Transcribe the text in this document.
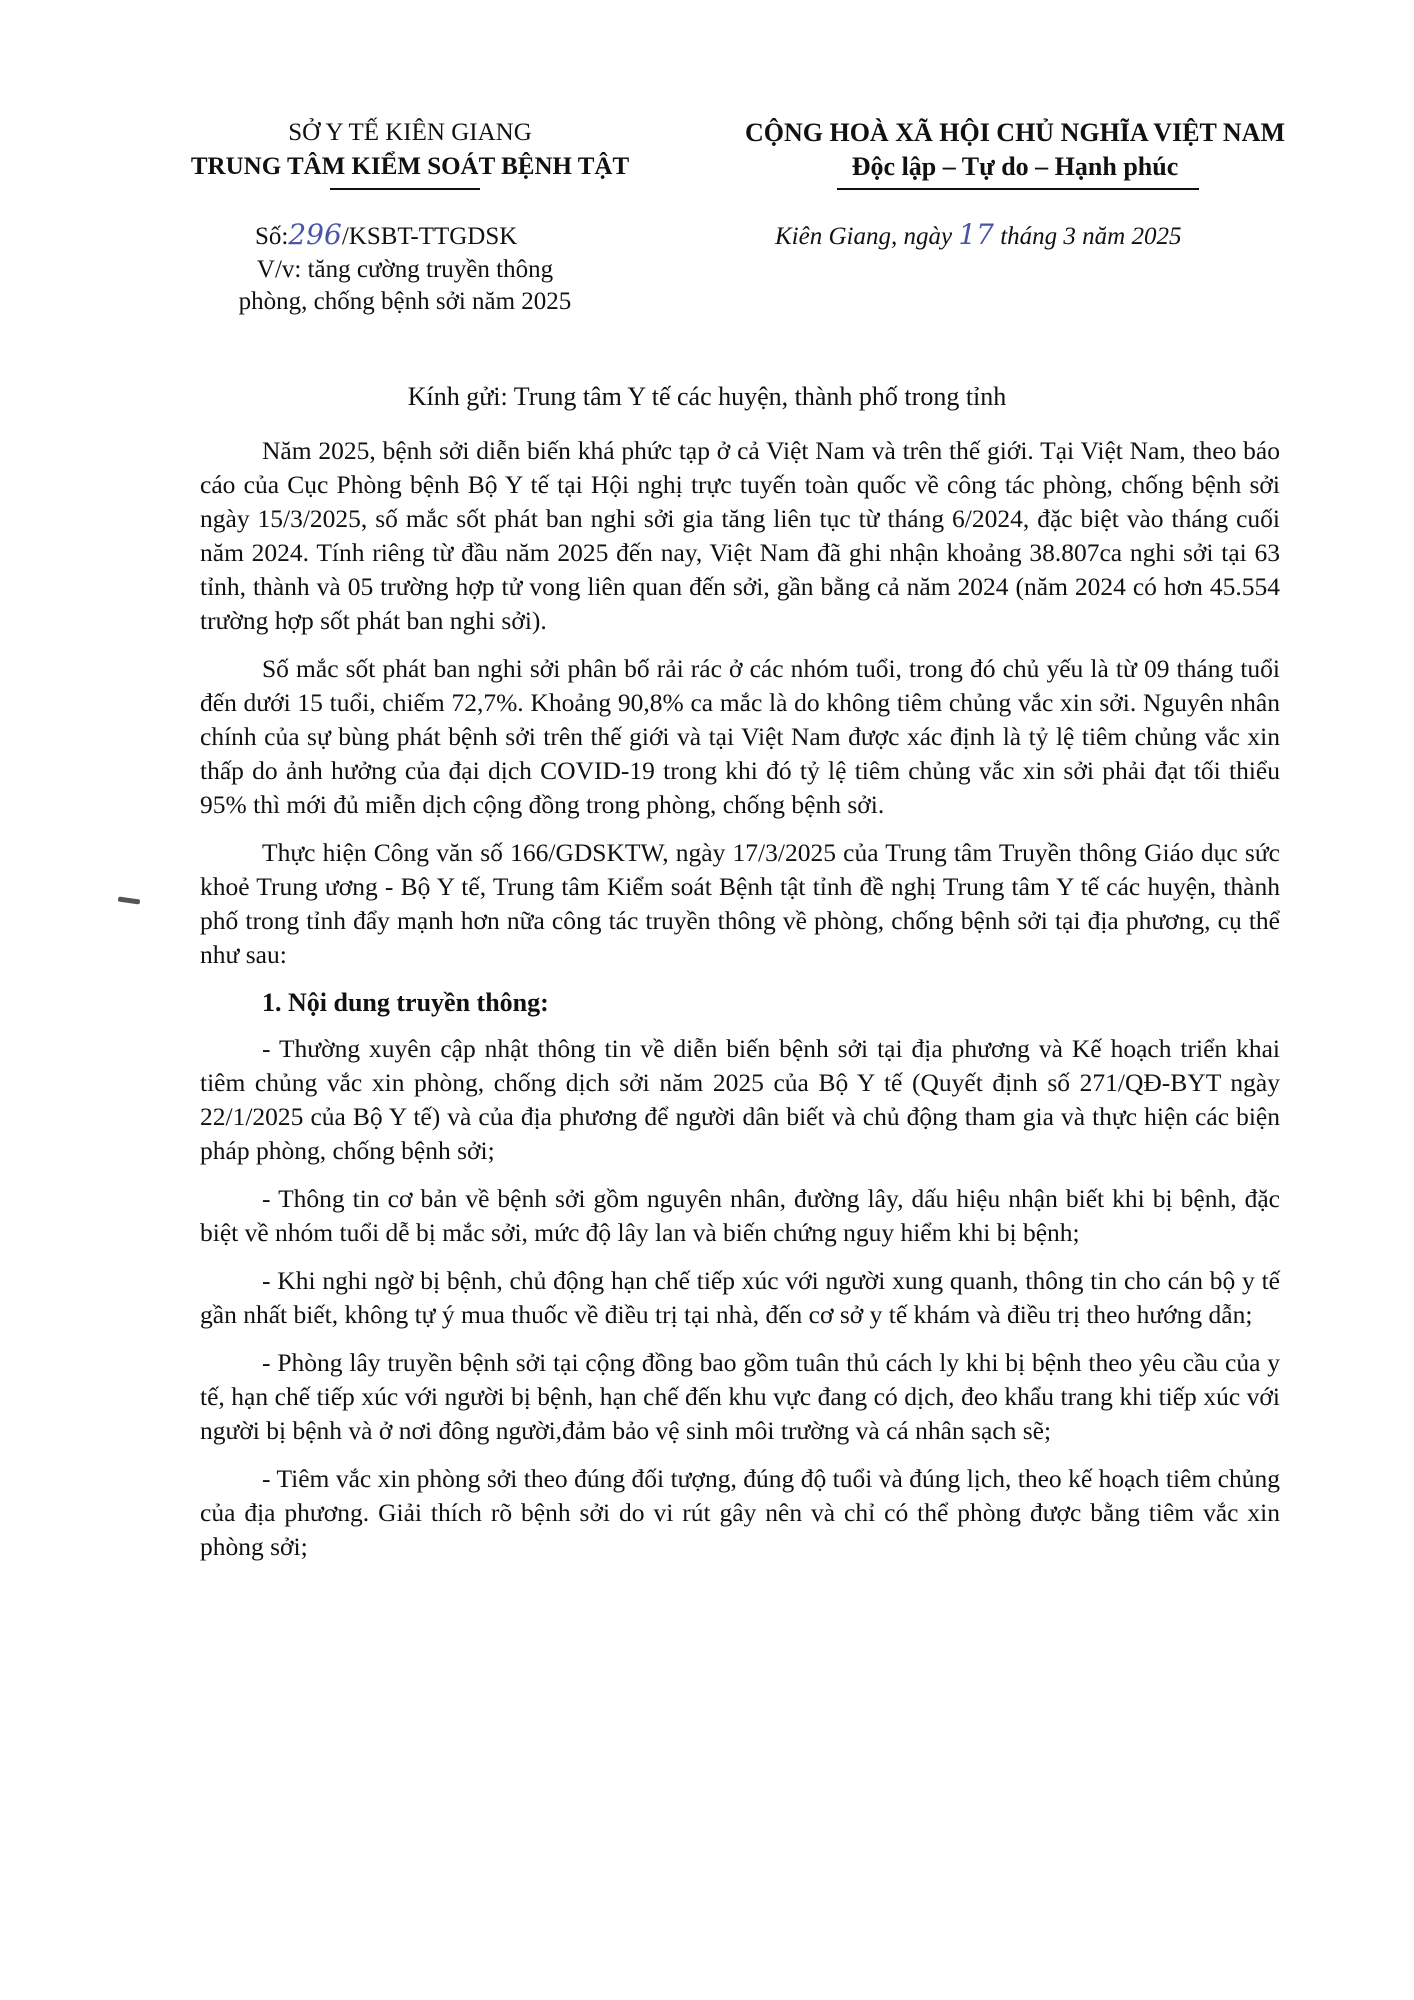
SỞ Y TẾ KIÊN GIANG
TRUNG TÂM KIỂM SOÁT BỆNH TẬT
CỘNG HOÀ XÃ HỘI CHỦ NGHĨA VIỆT NAM
Độc lập – Tự do – Hạnh phúc
Số:296/KSBT-TTGDSK
V/v: tăng cường truyền thông
phòng, chống bệnh sởi năm 2025
Kiên Giang, ngày 17 tháng 3 năm 2025
Kính gửi: Trung tâm Y tế các huyện, thành phố trong tỉnh

Năm 2025, bệnh sởi diễn biến khá phức tạp ở cả Việt Nam và trên thế giới. Tại Việt Nam, theo báo cáo của Cục Phòng bệnh Bộ Y tế tại Hội nghị trực tuyến toàn quốc về công tác phòng, chống bệnh sởi ngày 15/3/2025, số mắc sốt phát ban nghi sởi gia tăng liên tục từ tháng 6/2024, đặc biệt vào tháng cuối năm 2024. Tính riêng từ đầu năm 2025 đến nay, Việt Nam đã ghi nhận khoảng 38.807ca nghi sởi tại 63 tỉnh, thành và 05 trường hợp tử vong liên quan đến sởi, gần bằng cả năm 2024 (năm 2024 có hơn 45.554 trường hợp sốt phát ban nghi sởi).

Số mắc sốt phát ban nghi sởi phân bố rải rác ở các nhóm tuổi, trong đó chủ yếu là từ 09 tháng tuổi đến dưới 15 tuổi, chiếm 72,7%. Khoảng 90,8% ca mắc là do không tiêm chủng vắc xin sởi. Nguyên nhân chính của sự bùng phát bệnh sởi trên thế giới và tại Việt Nam được xác định là tỷ lệ tiêm chủng vắc xin thấp do ảnh hưởng của đại dịch COVID-19 trong khi đó tỷ lệ tiêm chủng vắc xin sởi phải đạt tối thiểu 95% thì mới đủ miễn dịch cộng đồng trong phòng, chống bệnh sởi.

Thực hiện Công văn số 166/GDSKTW, ngày 17/3/2025 của Trung tâm Truyền thông Giáo dục sức khoẻ Trung ương - Bộ Y tế, Trung tâm Kiểm soát Bệnh tật tỉnh đề nghị Trung tâm Y tế các huyện, thành phố trong tỉnh đẩy mạnh hơn nữa công tác truyền thông về phòng, chống bệnh sởi tại địa phương, cụ thể như sau:

1. Nội dung truyền thông:

- Thường xuyên cập nhật thông tin về diễn biến bệnh sởi tại địa phương và Kế hoạch triển khai tiêm chủng vắc xin phòng, chống dịch sởi năm 2025 của Bộ Y tế (Quyết định số 271/QĐ-BYT ngày 22/1/2025 của Bộ Y tế) và của địa phương để người dân biết và chủ động tham gia và thực hiện các biện pháp phòng, chống bệnh sởi;

- Thông tin cơ bản về bệnh sởi gồm nguyên nhân, đường lây, dấu hiệu nhận biết khi bị bệnh, đặc biệt về nhóm tuổi dễ bị mắc sởi, mức độ lây lan và biến chứng nguy hiểm khi bị bệnh;

- Khi nghi ngờ bị bệnh, chủ động hạn chế tiếp xúc với người xung quanh, thông tin cho cán bộ y tế gần nhất biết, không tự ý mua thuốc về điều trị tại nhà, đến cơ sở y tế khám và điều trị theo hướng dẫn;

- Phòng lây truyền bệnh sởi tại cộng đồng bao gồm tuân thủ cách ly khi bị bệnh theo yêu cầu của y tế, hạn chế tiếp xúc với người bị bệnh, hạn chế đến khu vực đang có dịch, đeo khẩu trang khi tiếp xúc với người bị bệnh và ở nơi đông người,đảm bảo vệ sinh môi trường và cá nhân sạch sẽ;

- Tiêm vắc xin phòng sởi theo đúng đối tượng, đúng độ tuổi và đúng lịch, theo kế hoạch tiêm chủng của địa phương. Giải thích rõ bệnh sởi do vi rút gây nên và chỉ có thể phòng được bằng tiêm vắc xin phòng sởi;
